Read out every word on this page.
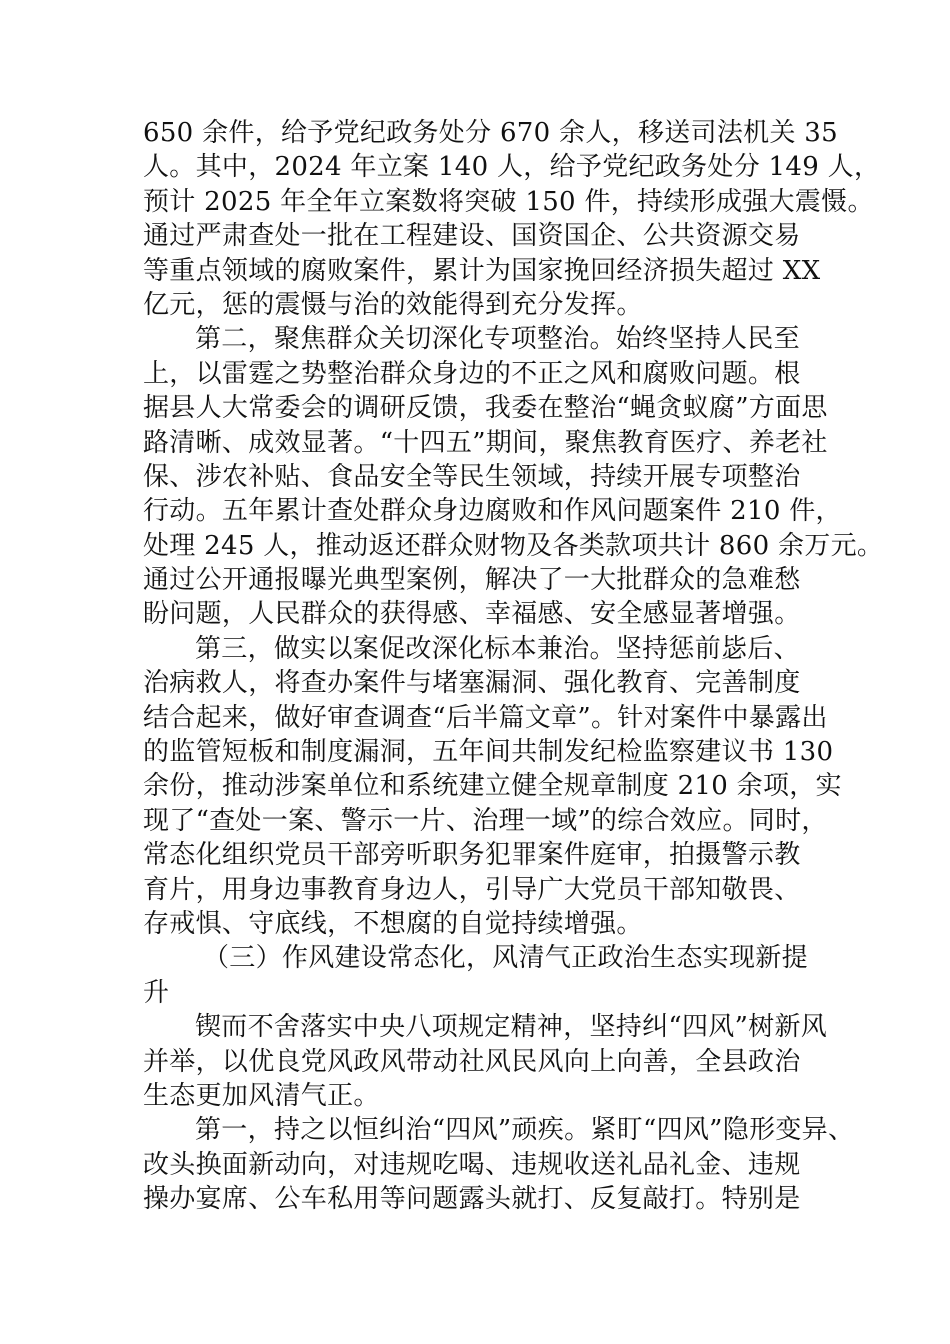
650 余件，给予党纪政务处分 670 余人，移送司法机关 35
人。其中，2024 年立案 140 人，给予党纪政务处分 149 人，
预计 2025 年全年立案数将突破 150 件，持续形成强大震慑。
通过严肃查处一批在工程建设、国资国企、公共资源交易
等重点领域的腐败案件，累计为国家挽回经济损失超过 XX
亿元，惩的震慑与治的效能得到充分发挥。
第二，聚焦群众关切深化专项整治。始终坚持人民至
上，以雷霆之势整治群众身边的不正之风和腐败问题。根
据县人大常委会的调研反馈，我委在整治“蝇贪蚁腐”方面思
路清晰、成效显著。“十四五”期间，聚焦教育医疗、养老社
保、涉农补贴、食品安全等民生领域，持续开展专项整治
行动。五年累计查处群众身边腐败和作风问题案件 210 件，
处理 245 人，推动返还群众财物及各类款项共计 860 余万元。
通过公开通报曝光典型案例，解决了一大批群众的急难愁
盼问题，人民群众的获得感、幸福感、安全感显著增强。
第三，做实以案促改深化标本兼治。坚持惩前毖后、
治病救人，将查办案件与堵塞漏洞、强化教育、完善制度
结合起来，做好审查调查“后半篇文章”。针对案件中暴露出
的监管短板和制度漏洞，五年间共制发纪检监察建议书 130
余份，推动涉案单位和系统建立健全规章制度 210 余项，实
现了“查处一案、警示一片、治理一域”的综合效应。同时，
常态化组织党员干部旁听职务犯罪案件庭审，拍摄警示教
育片，用身边事教育身边人，引导广大党员干部知敬畏、
存戒惧、守底线，不想腐的自觉持续增强。
（三）作风建设常态化，风清气正政治生态实现新提
升
锲而不舍落实中央八项规定精神，坚持纠“四风”树新风
并举，以优良党风政风带动社风民风向上向善，全县政治
生态更加风清气正。
第一，持之以恒纠治“四风”顽疾。紧盯“四风”隐形变异、
改头换面新动向，对违规吃喝、违规收送礼品礼金、违规
操办宴席、公车私用等问题露头就打、反复敲打。特别是
